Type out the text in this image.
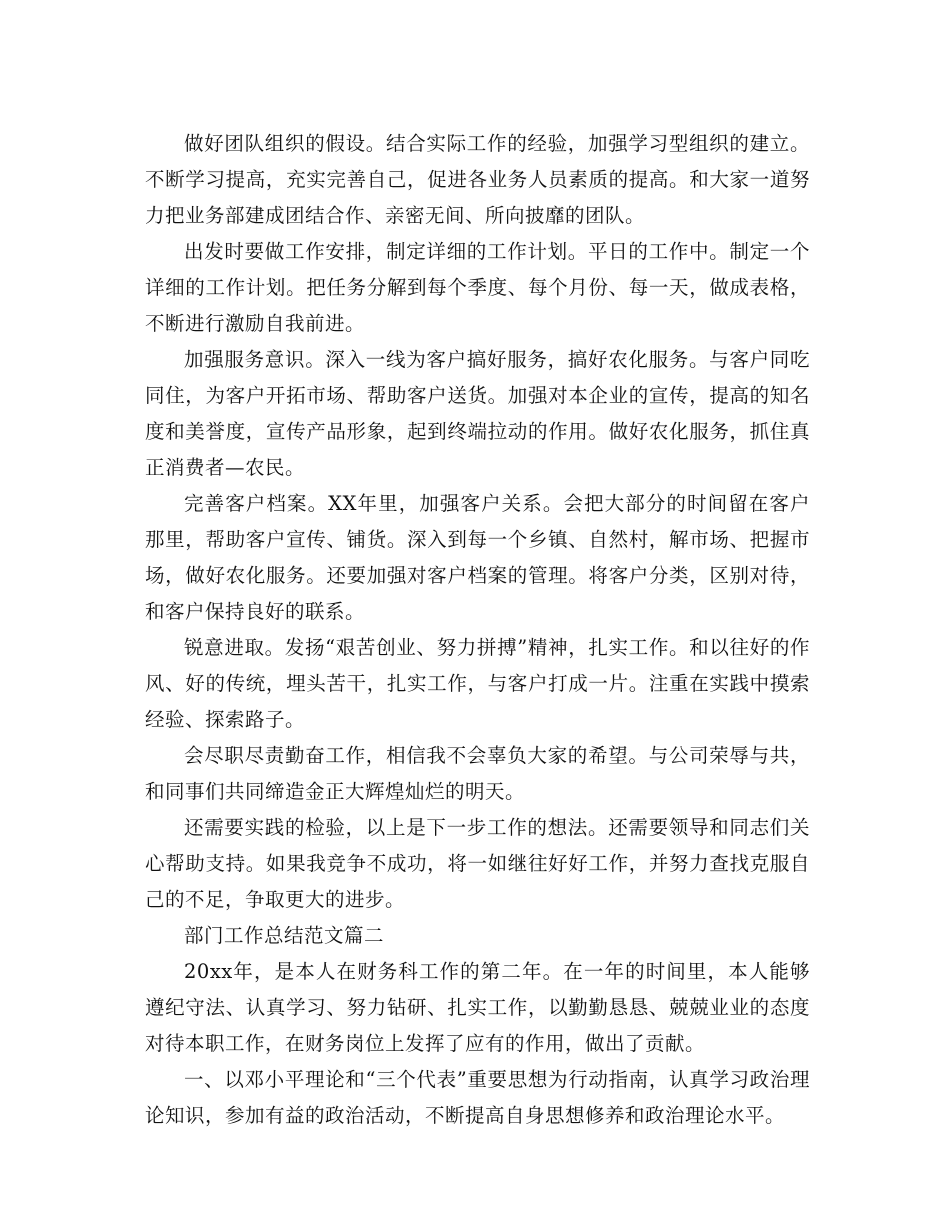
做好团队组织的假设。结合实际工作的经验，加强学习型组织的建立。不断学习提高，充实完善自己，促进各业务人员素质的提高。和大家一道努力把业务部建成团结合作、亲密无间、所向披靡的团队。

出发时要做工作安排，制定详细的工作计划。平日的工作中。制定一个详细的工作计划。把任务分解到每个季度、每个月份、每一天，做成表格，不断进行激励自我前进。

加强服务意识。深入一线为客户搞好服务，搞好农化服务。与客户同吃同住，为客户开拓市场、帮助客户送货。加强对本企业的宣传，提高的知名度和美誉度，宣传产品形象，起到终端拉动的作用。做好农化服务，抓住真正消费者—农民。

完善客户档案。XX年里，加强客户关系。会把大部分的时间留在客户那里，帮助客户宣传、铺货。深入到每一个乡镇、自然村，解市场、把握市场，做好农化服务。还要加强对客户档案的管理。将客户分类，区别对待，和客户保持良好的联系。

锐意进取。发扬“艰苦创业、努力拼搏”精神，扎实工作。和以往好的作风、好的传统，埋头苦干，扎实工作，与客户打成一片。注重在实践中摸索经验、探索路子。

会尽职尽责勤奋工作，相信我不会辜负大家的希望。与公司荣辱与共，和同事们共同缔造金正大辉煌灿烂的明天。

还需要实践的检验，以上是下一步工作的想法。还需要领导和同志们关心帮助支持。如果我竞争不成功，将一如继往好好工作，并努力查找克服自己的不足，争取更大的进步。

部门工作总结范文篇二

20xx年，是本人在财务科工作的第二年。在一年的时间里，本人能够遵纪守法、认真学习、努力钻研、扎实工作，以勤勤恳恳、兢兢业业的态度对待本职工作，在财务岗位上发挥了应有的作用，做出了贡献。

一、以邓小平理论和“三个代表”重要思想为行动指南，认真学习政治理论知识，参加有益的政治活动，不断提高自身思想修养和政治理论水平。
